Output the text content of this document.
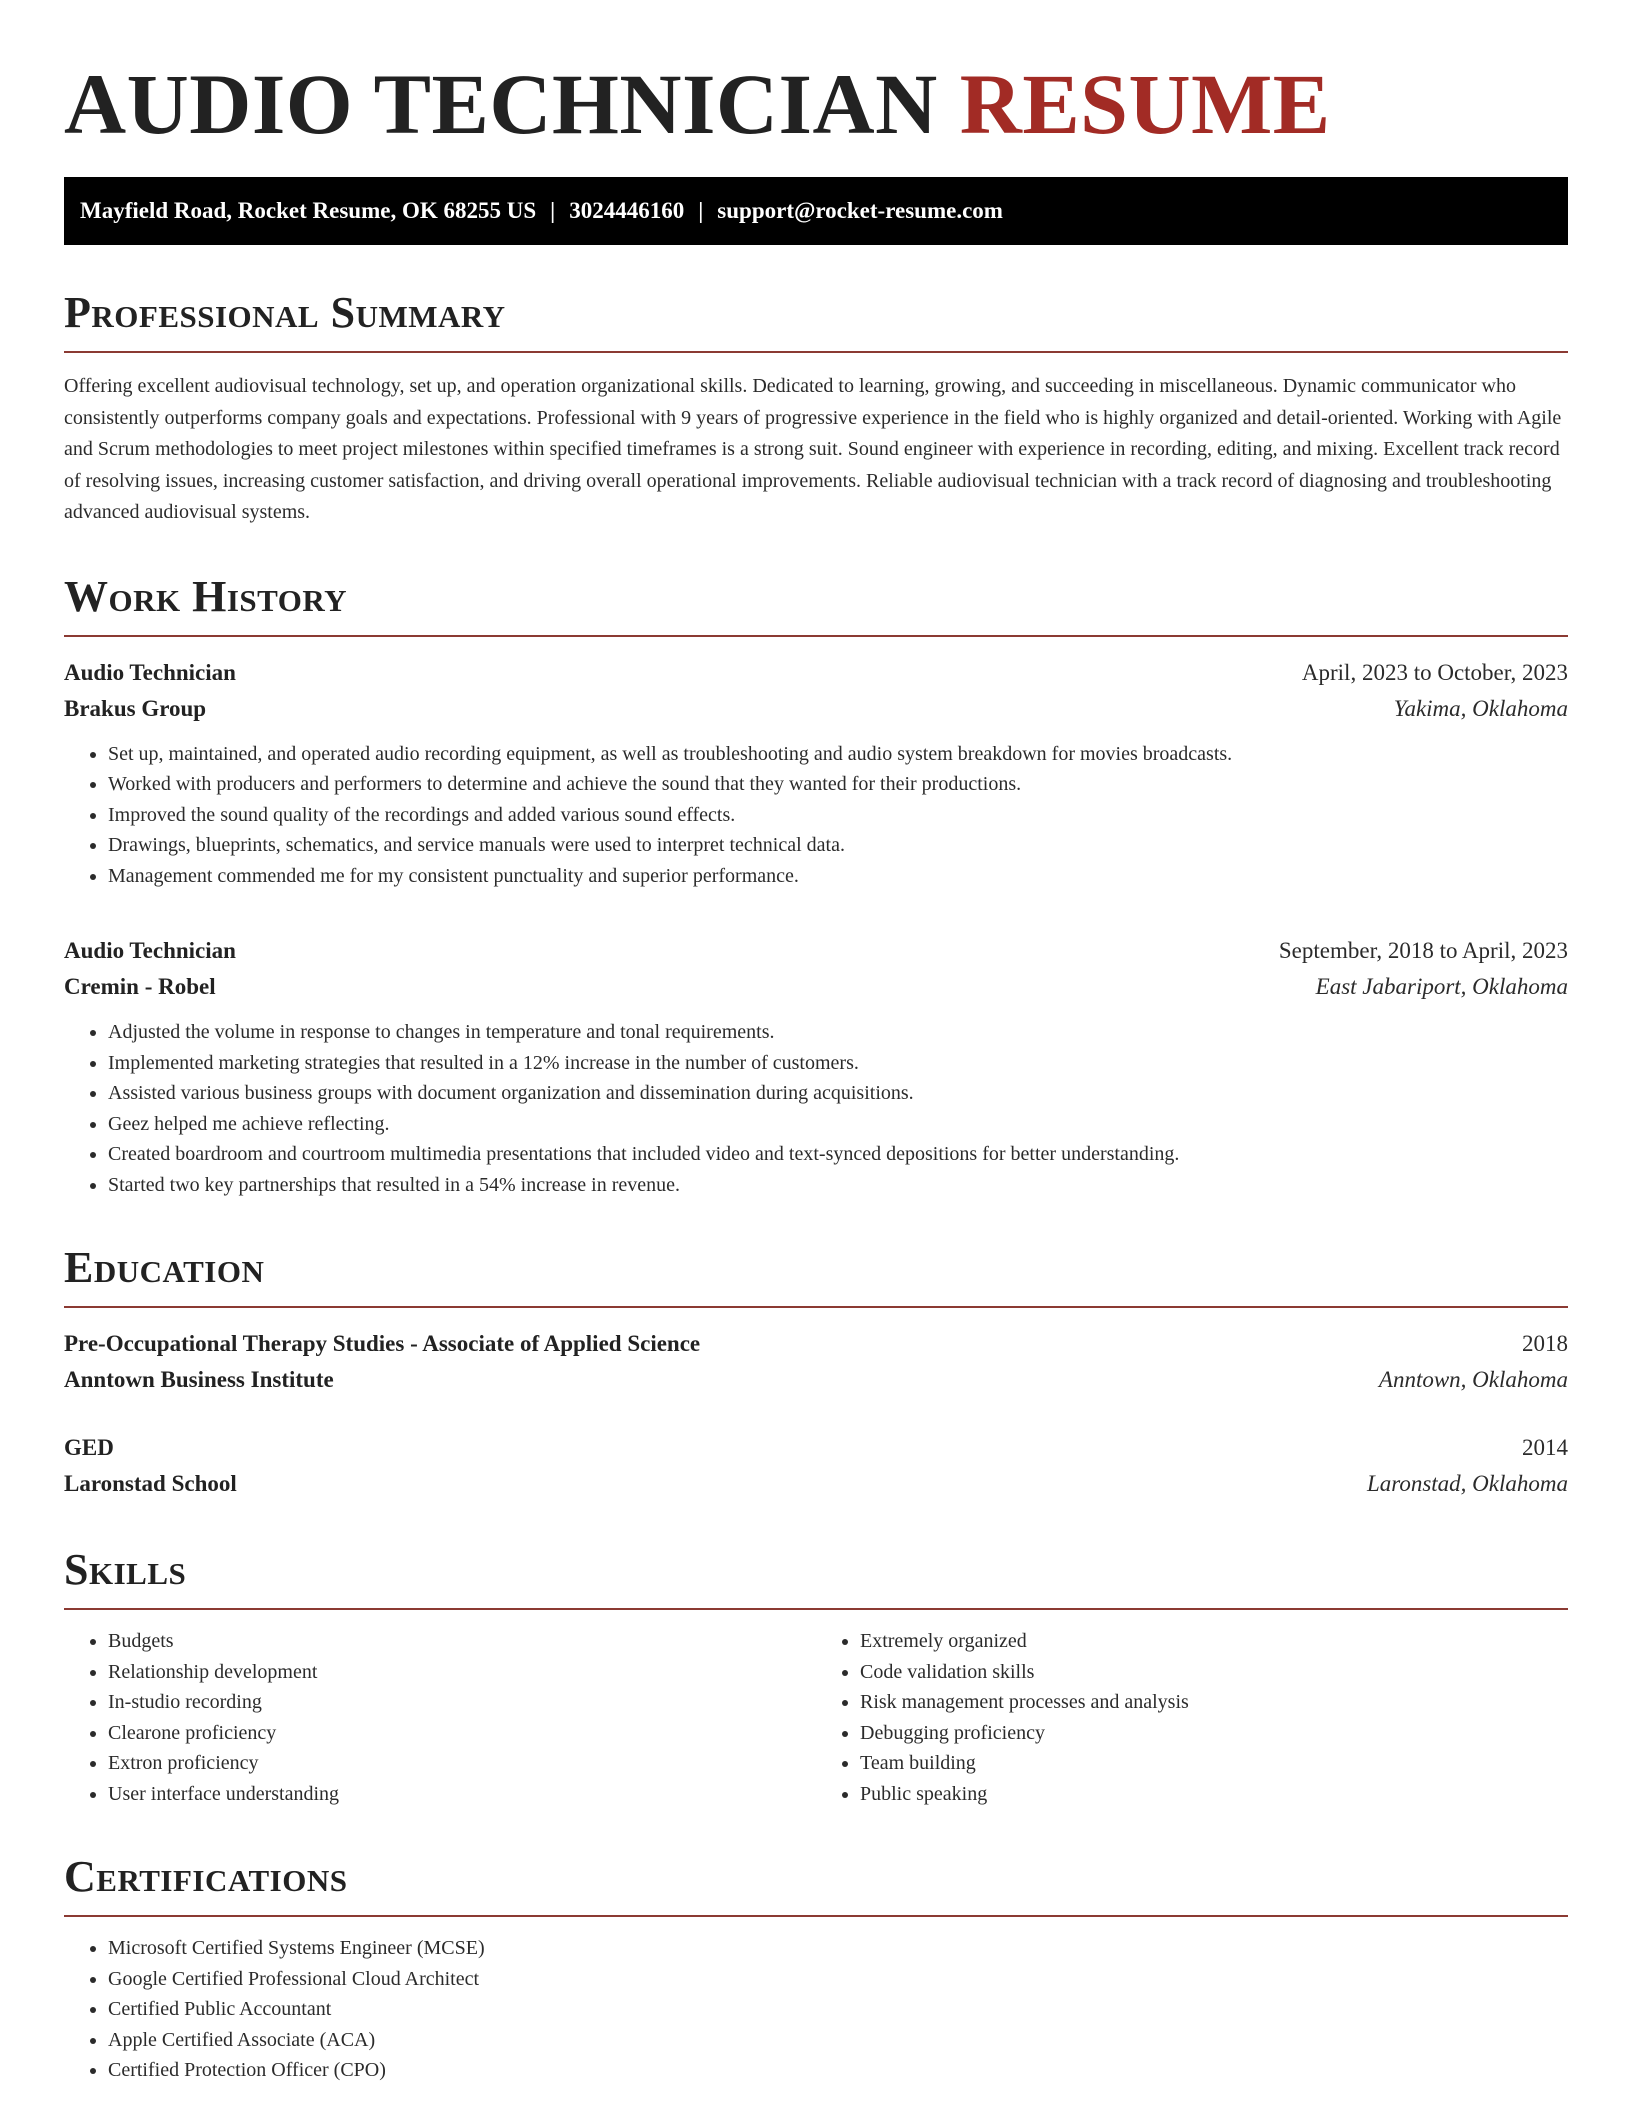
AUDIO TECHNICIAN RESUME
Mayfield Road, Rocket Resume, OK 68255 US | 3024446160 | support@rocket-resume.com
Professional Summary

Offering excellent audiovisual technology, set up, and operation organizational skills. Dedicated to learning, growing, and succeeding in miscellaneous. Dynamic communicator who consistently outperforms company goals and expectations. Professional with 9 years of progressive experience in the field who is highly organized and detail-oriented. Working with Agile and Scrum methodologies to meet project milestones within specified timeframes is a strong suit. Sound engineer with experience in recording, editing, and mixing. Excellent track record of resolving issues, increasing customer satisfaction, and driving overall operational improvements. Reliable audiovisual technician with a track record of diagnosing and troubleshooting advanced audiovisual systems.

Work History
Audio Technician	April, 2023 to October, 2023
Brakus Group	Yakima, Oklahoma
• Set up, maintained, and operated audio recording equipment, as well as troubleshooting and audio system breakdown for movies broadcasts.
• Worked with producers and performers to determine and achieve the sound that they wanted for their productions.
• Improved the sound quality of the recordings and added various sound effects.
• Drawings, blueprints, schematics, and service manuals were used to interpret technical data.
• Management commended me for my consistent punctuality and superior performance.
Audio Technician	September, 2018 to April, 2023
Cremin - Robel	East Jabariport, Oklahoma
• Adjusted the volume in response to changes in temperature and tonal requirements.
• Implemented marketing strategies that resulted in a 12% increase in the number of customers.
• Assisted various business groups with document organization and dissemination during acquisitions.
• Geez helped me achieve reflecting.
• Created boardroom and courtroom multimedia presentations that included video and text-synced depositions for better understanding.
• Started two key partnerships that resulted in a 54% increase in revenue.
Education
Pre-Occupational Therapy Studies - Associate of Applied Science	2018
Anntown Business Institute	Anntown, Oklahoma
GED	2014
Laronstad School	Laronstad, Oklahoma
Skills
• Budgets
• Relationship development
• In-studio recording
• Clearone proficiency
• Extron proficiency
• User interface understanding
• Extremely organized
• Code validation skills
• Risk management processes and analysis
• Debugging proficiency
• Team building
• Public speaking
Certifications
• Microsoft Certified Systems Engineer (MCSE)
• Google Certified Professional Cloud Architect
• Certified Public Accountant
• Apple Certified Associate (ACA)
• Certified Protection Officer (CPO)
